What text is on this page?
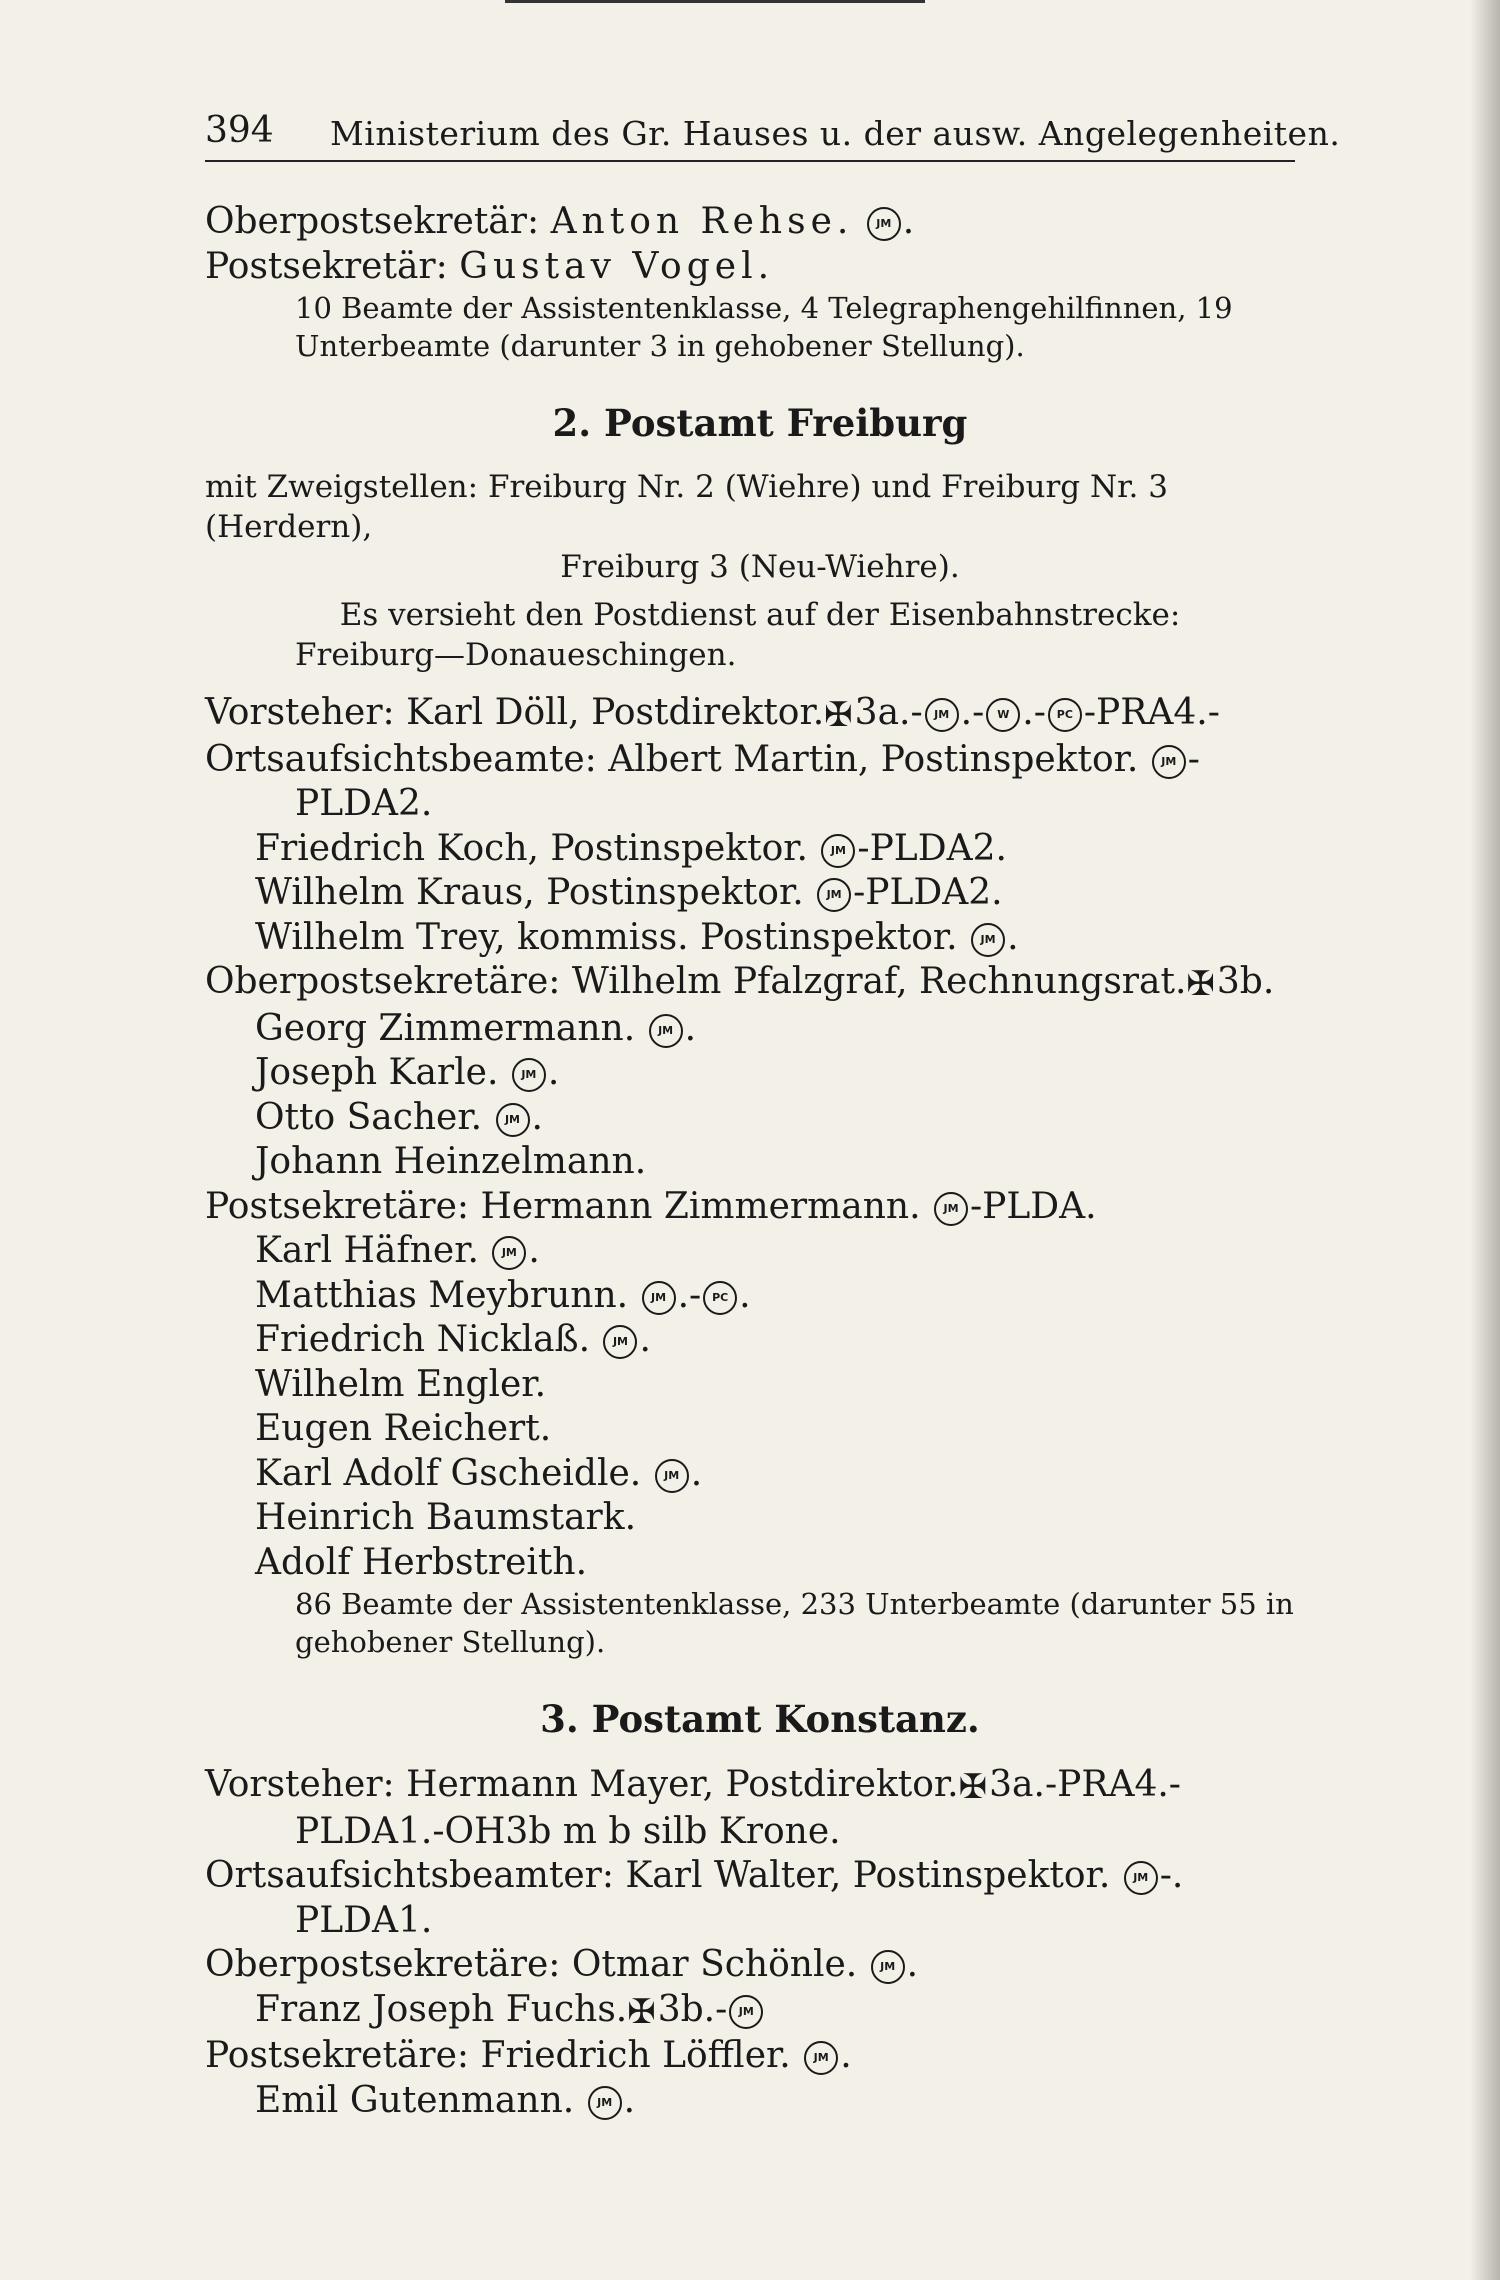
394 Ministerium des Gr. Hauses u. der ausw. Angelegenheiten.
Oberpostsekretär: Anton Rehse. JM .
Postsekretär: Gustav Vogel.
10 Beamte der Assistentenklasse, 4 Telegraphengehilfinnen, 19 Unterbeamte (darunter 3 in gehobener Stellung).
2. Postamt Freiburg
mit Zweigstellen: Freiburg Nr. 2 (Wiehre) und Freiburg Nr. 3 (Herdern),
Freiburg 3 (Neu-Wiehre).
Es versieht den Postdienst auf der Eisenbahnstrecke:
Freiburg—Donaueschingen.
Vorsteher: Karl Döll, Postdirektor.✠3a.- JM .- W .- PC -PRA4.-
Ortsaufsichtsbeamte: Albert Martin, Postinspektor. JM -
PLDA2.
Friedrich Koch, Postinspektor. JM -PLDA2.
Wilhelm Kraus, Postinspektor. JM -PLDA2.
Wilhelm Trey, kommiss. Postinspektor. JM .
Oberpostsekretäre: Wilhelm Pfalzgraf, Rechnungsrat.✠3b.
Georg Zimmermann. JM .
Joseph Karle. JM .
Otto Sacher. JM .
Johann Heinzelmann.
Postsekretäre: Hermann Zimmermann. JM -PLDA.
Karl Häfner. JM .
Matthias Meybrunn. JM .- PC .
Friedrich Nicklaß. JM .
Wilhelm Engler.
Eugen Reichert.
Karl Adolf Gscheidle. JM .
Heinrich Baumstark.
Adolf Herbstreith.
86 Beamte der Assistentenklasse, 233 Unterbeamte (darunter 55 in gehobener Stellung).
3. Postamt Konstanz.
Vorsteher: Hermann Mayer, Postdirektor.✠3a.-PRA4.-
PLDA1.-OH3b m b silb Krone.
Ortsaufsichtsbeamter: Karl Walter, Postinspektor. JM -.
PLDA1.
Oberpostsekretäre: Otmar Schönle. JM .
Franz Joseph Fuchs.✠3b.- JM
Postsekretäre: Friedrich Löffler. JM .
Emil Gutenmann. JM .
